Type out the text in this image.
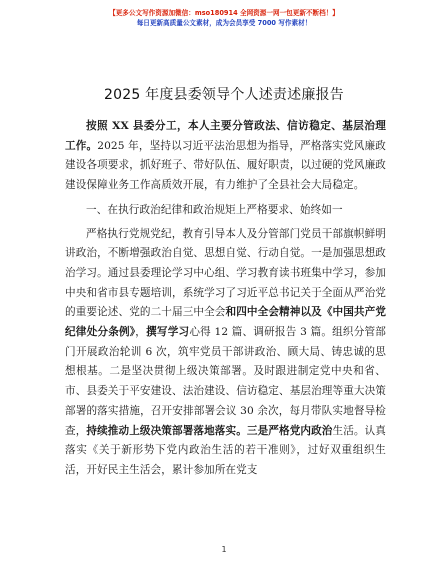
【更多公文写作资源加微信：mso180914 全网资源一网一包更新不断档！】
每日更新高质量公文素材，成为会员享受 7000 写作素材！
2025 年度县委领导个人述责述廉报告

按照 XX 县委分工，本人主要分管政法、信访稳定、基层治理工作。2025 年，坚持以习近平法治思想为指导，严格落实党风廉政建设各项要求，抓好班子、带好队伍、履好职责，以过硬的党风廉政建设保障业务工作高质效开展，有力维护了全县社会大局稳定。

一、在执行政治纪律和政治规矩上严格要求、始终如一

严格执行党规党纪，教育引导本人及分管部门党员干部旗帜鲜明讲政治，不断增强政治自觉、思想自觉、行动自觉。一是加强思想政治学习。通过县委理论学习中心组、学习教育读书班集中学习，参加中央和省市县专题培训，系统学习了习近平总书记关于全面从严治党的重要论述、党的二十届三中全会和四中全会精神以及《中国共产党纪律处分条例》，撰写学习心得 12 篇、调研报告 3 篇。组织分管部门开展政治轮训 6 次，筑牢党员干部讲政治、顾大局、铸忠诚的思想根基。二是坚决贯彻上级决策部署。及时跟进制定党中央和省、市、县委关于平安建设、法治建设、信访稳定、基层治理等重大决策部署的落实措施，召开安排部署会议 30 余次，每月带队实地督导检查，持续推动上级决策部署落地落实。三是严格党内政治生活。认真落实《关于新形势下党内政治生活的若干准则》，过好双重组织生活，开好民主生活会，累计参加所在党支

1
